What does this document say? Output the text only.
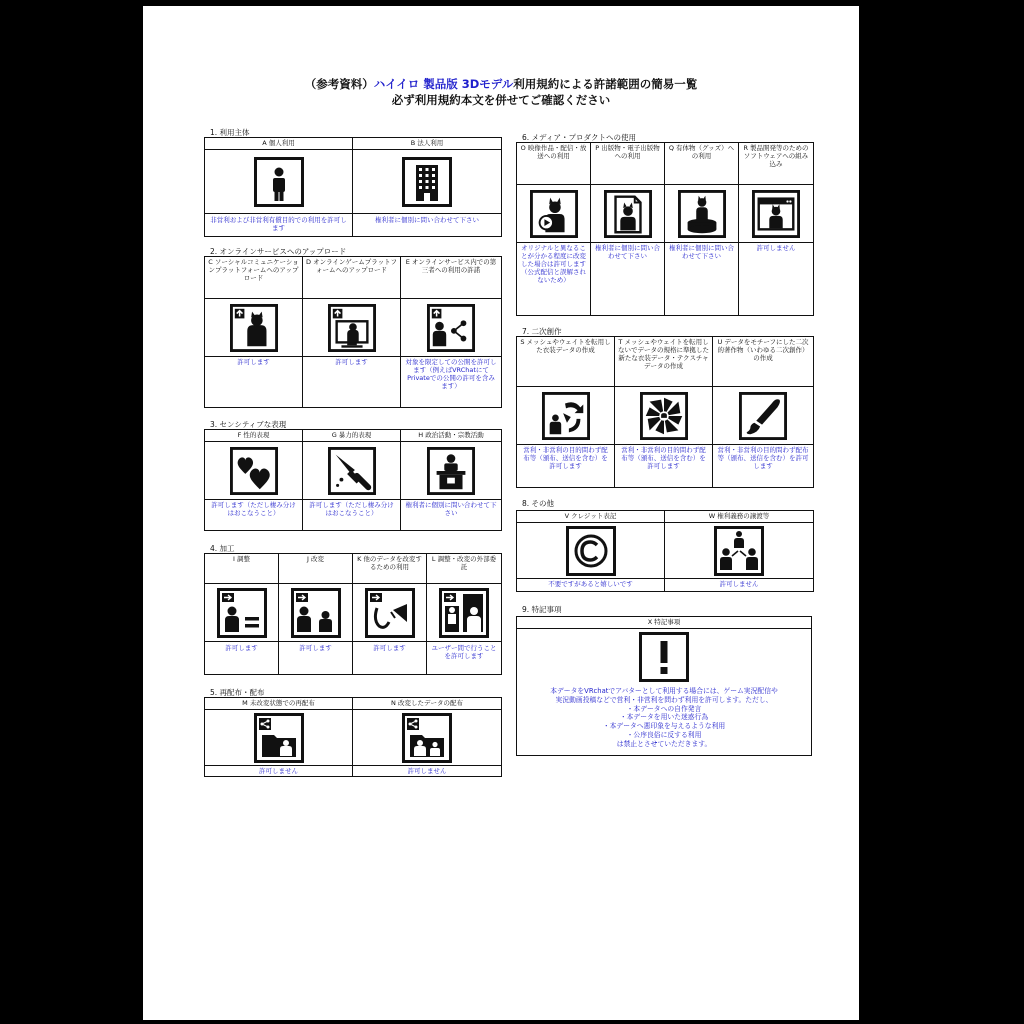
（参考資料）ハイイロ 製品版 3Dモデル利用規約による許諾範囲の簡易一覧
必ず利用規約本文を併せてご確認ください
1. 利用主体
A 個人利用
非営利および非営利有償目的での利用を許可します
B 法人利用
権利者に個別に問い合わせて下さい
2. オンラインサービスへのアップロード
C ソーシャルコミュニケーションプラットフォームへのアップロード
許可します
D オンラインゲームプラットフォームへのアップロード
許可します
E オンラインサービス内での第三者への利用の許諾
対象を限定しての公開を許可します（例えばVRChatにてPrivateでの公開の許可を含みます）
3. センシティブな表現
F 性的表現
許可します（ただし棲み分けはおこなうこと）
G 暴力的表現
許可します（ただし棲み分けはおこなうこと）
H 政治活動・宗教活動
権利者に個別に問い合わせて下さい
4. 加工
I 調整
許可します
J 改変
許可します
K 他のデータを改変するための利用
許可します
L 調整・改変の外部委託
ユーザー間で行うことを許可します
5. 再配布・配布
M 未改変状態での再配布
許可しません
N 改変したデータの配布
許可しません
6. メディア・プロダクトへの使用
O 映像作品・配信・放送への利用
オリジナルと異なることが分かる程度に改変した場合は許可します（公式配信と誤解されないため）
P 出版物・電子出版物への利用
権利者に個別に問い合わせて下さい
Q 有体物（グッズ）への利用
権利者に個別に問い合わせて下さい
R 製品開発等のためのソフトウェアへの組み込み
許可しません
7. 二次創作
S メッシュやウェイトを転用した衣装データの作成
営利・非営利の目的問わず配布等（頒布、送信を含む）を許可します
T メッシュやウェイトを転用しないでデータの規格に準拠した新たな衣装データ・テクスチャデータの作成
営利・非営利の目的問わず配布等（頒布、送信を含む）を許可します
U データをモチーフにした二次的著作物（いわゆる二次創作）の作成
営利・非営利の目的問わず配布等（頒布、送信を含む）を許可します
8. その他
V クレジット表記
不要ですがあると嬉しいです
W 権利義務の譲渡等
許可しません
9. 特記事項
X 特記事項
本データをVRchatでアバターとして利用する場合には、ゲーム実況配信や
実況動画投稿などで営利・非営利を問わず利用を許可します。ただし、
・本データへの自作発言
・本データを用いた迷惑行為
・本データへ悪印象を与えるような利用
・公序良俗に反する利用
は禁止とさせていただきます。
